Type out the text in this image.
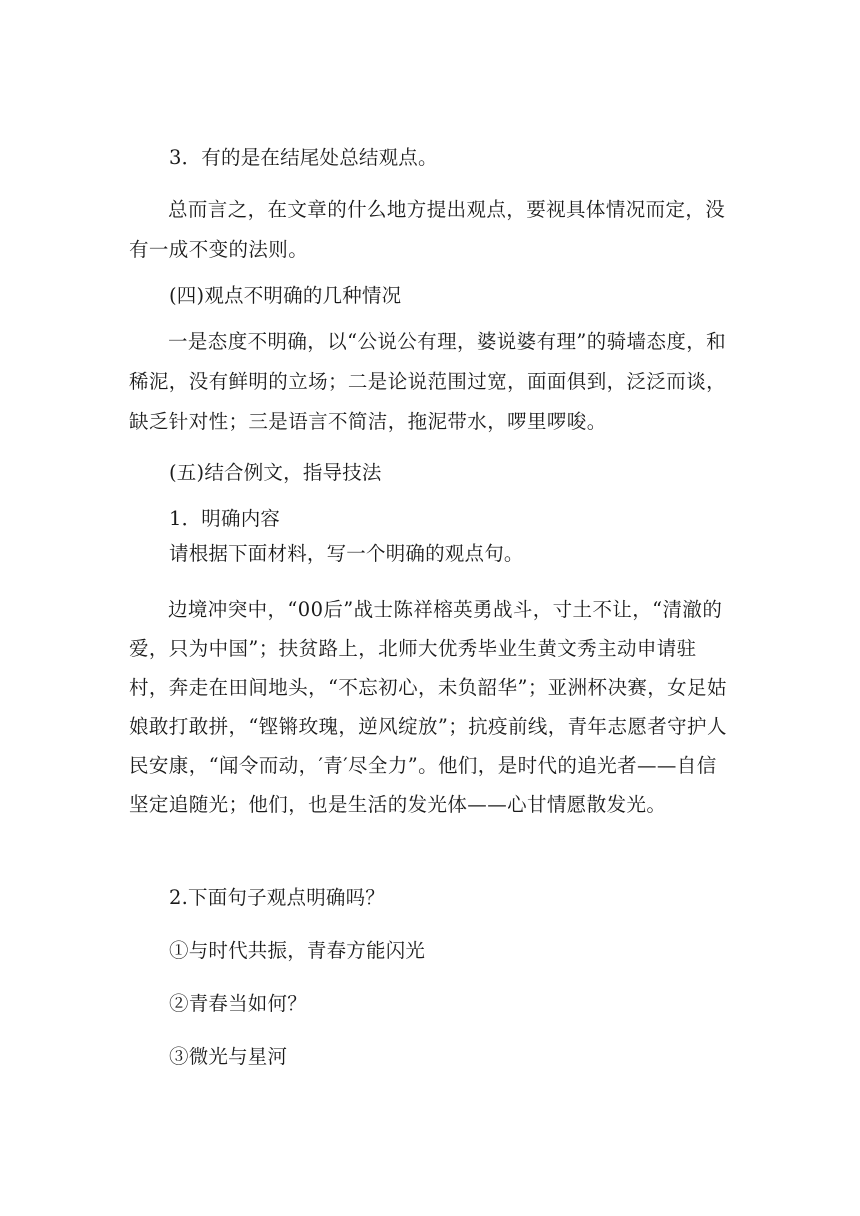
3．有的是在结尾处总结观点。

总而言之，在文章的什么地方提出观点，要视具体情况而定，没有一成不变的法则。

(四)观点不明确的几种情况

一是态度不明确，以“公说公有理，婆说婆有理”的骑墙态度，和稀泥，没有鲜明的立场；二是论说范围过宽，面面俱到，泛泛而谈，缺乏针对性；三是语言不简洁，拖泥带水，啰里啰唆。

(五)结合例文，指导技法
1．明确内容
请根据下面材料，写一个明确的观点句。

边境冲突中，“00后”战士陈祥榕英勇战斗，寸土不让，“清澈的爱，只为中国”；扶贫路上，北师大优秀毕业生黄文秀主动申请驻村，奔走在田间地头，“不忘初心，未负韶华”；亚洲杯决赛，女足姑娘敢打敢拼，“铿锵玫瑰，逆风绽放”；抗疫前线，青年志愿者守护人民安康，“闻令而动，′青′尽全力”。他们，是时代的追光者——自信坚定追随光；他们，也是生活的发光体——心甘情愿散发光。

2.下面句子观点明确吗？
①与时代共振，青春方能闪光
②青春当如何？
③微光与星河
